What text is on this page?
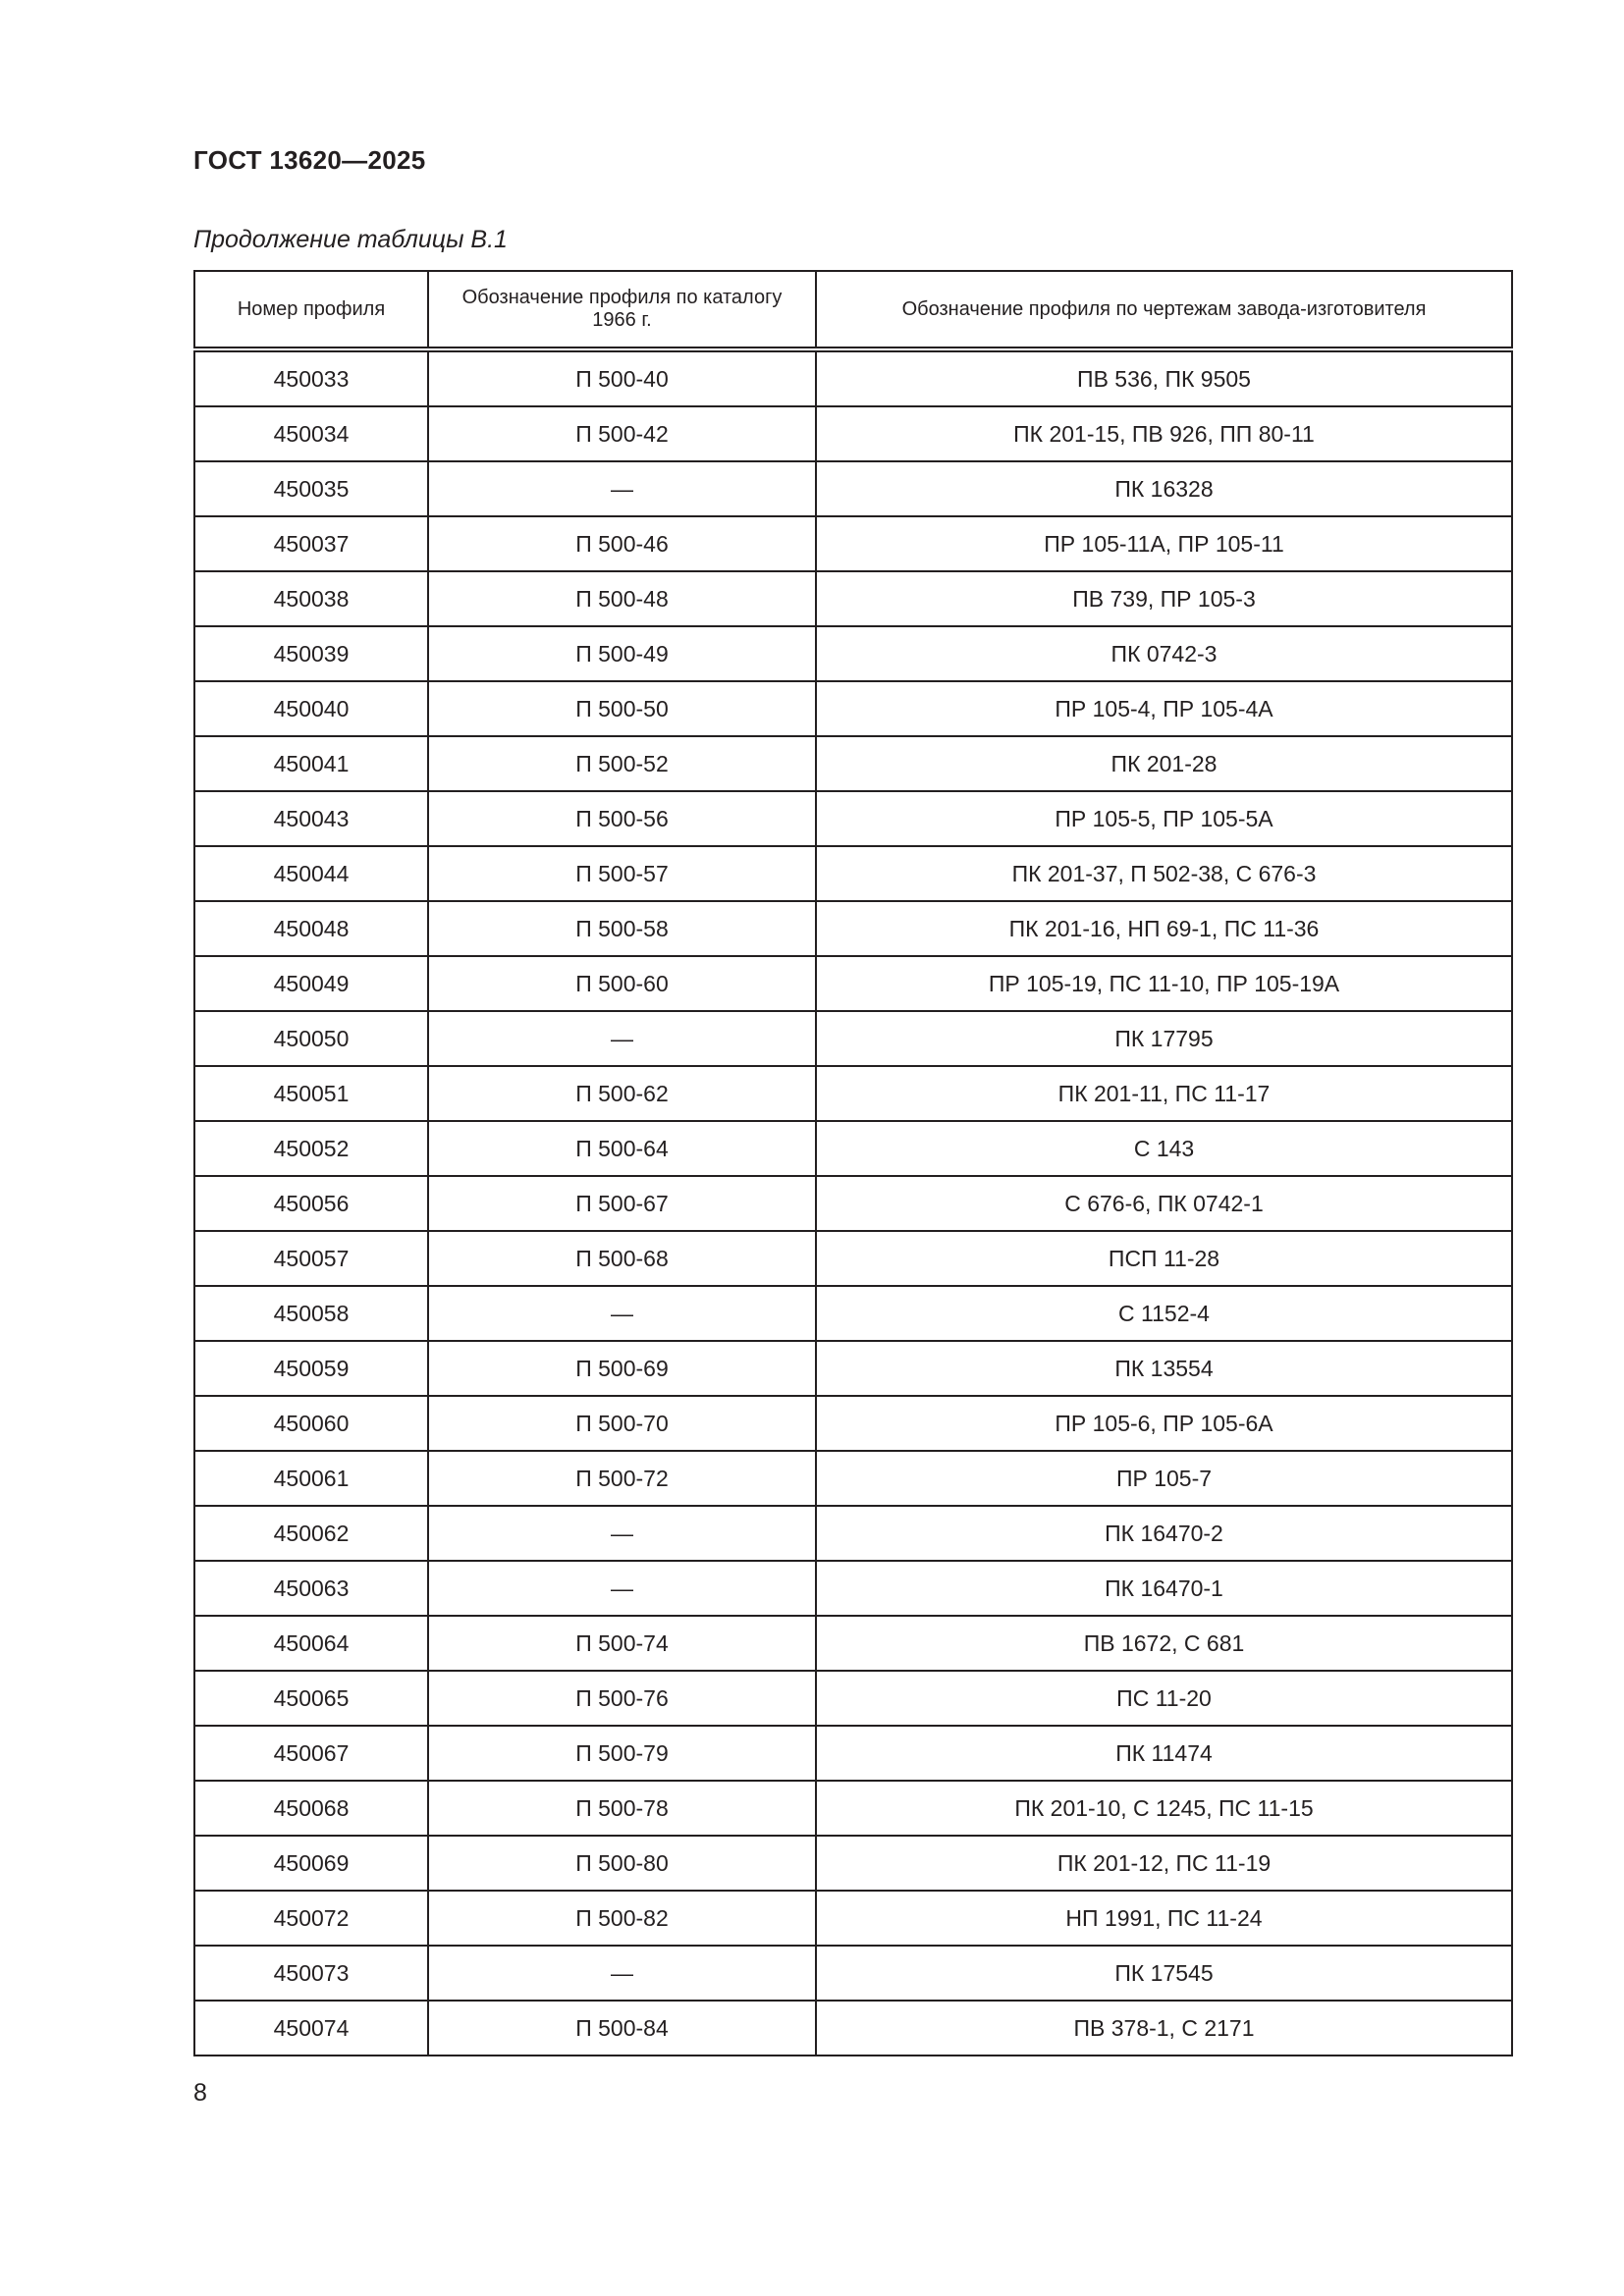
ГОСТ 13620—2025
Продолжение таблицы В.1
Номер профиля	Обозначение профиля по каталогу 1966 г.	Обозначение профиля по чертежам завода-изготовителя
450033	П 500-40	ПВ 536, ПК 9505
450034	П 500-42	ПК 201-15, ПВ 926, ПП 80-11
450035	—	ПК 16328
450037	П 500-46	ПР 105-11А, ПР 105-11
450038	П 500-48	ПВ 739, ПР 105-3
450039	П 500-49	ПК 0742-3
450040	П 500-50	ПР 105-4, ПР 105-4А
450041	П 500-52	ПК 201-28
450043	П 500-56	ПР 105-5, ПР 105-5А
450044	П 500-57	ПК 201-37, П 502-38, С 676-3
450048	П 500-58	ПК 201-16, НП 69-1, ПС 11-36
450049	П 500-60	ПР 105-19, ПС 11-10, ПР 105-19А
450050	—	ПК 17795
450051	П 500-62	ПК 201-11, ПС 11-17
450052	П 500-64	С 143
450056	П 500-67	С 676-6, ПК 0742-1
450057	П 500-68	ПСП 11-28
450058	—	С 1152-4
450059	П 500-69	ПК 13554
450060	П 500-70	ПР 105-6, ПР 105-6А
450061	П 500-72	ПР 105-7
450062	—	ПК 16470-2
450063	—	ПК 16470-1
450064	П 500-74	ПВ 1672, С 681
450065	П 500-76	ПС 11-20
450067	П 500-79	ПК 11474
450068	П 500-78	ПК 201-10, С 1245, ПС 11-15
450069	П 500-80	ПК 201-12, ПС 11-19
450072	П 500-82	НП 1991, ПС 11-24
450073	—	ПК 17545
450074	П 500-84	ПВ 378-1, С 2171
8
